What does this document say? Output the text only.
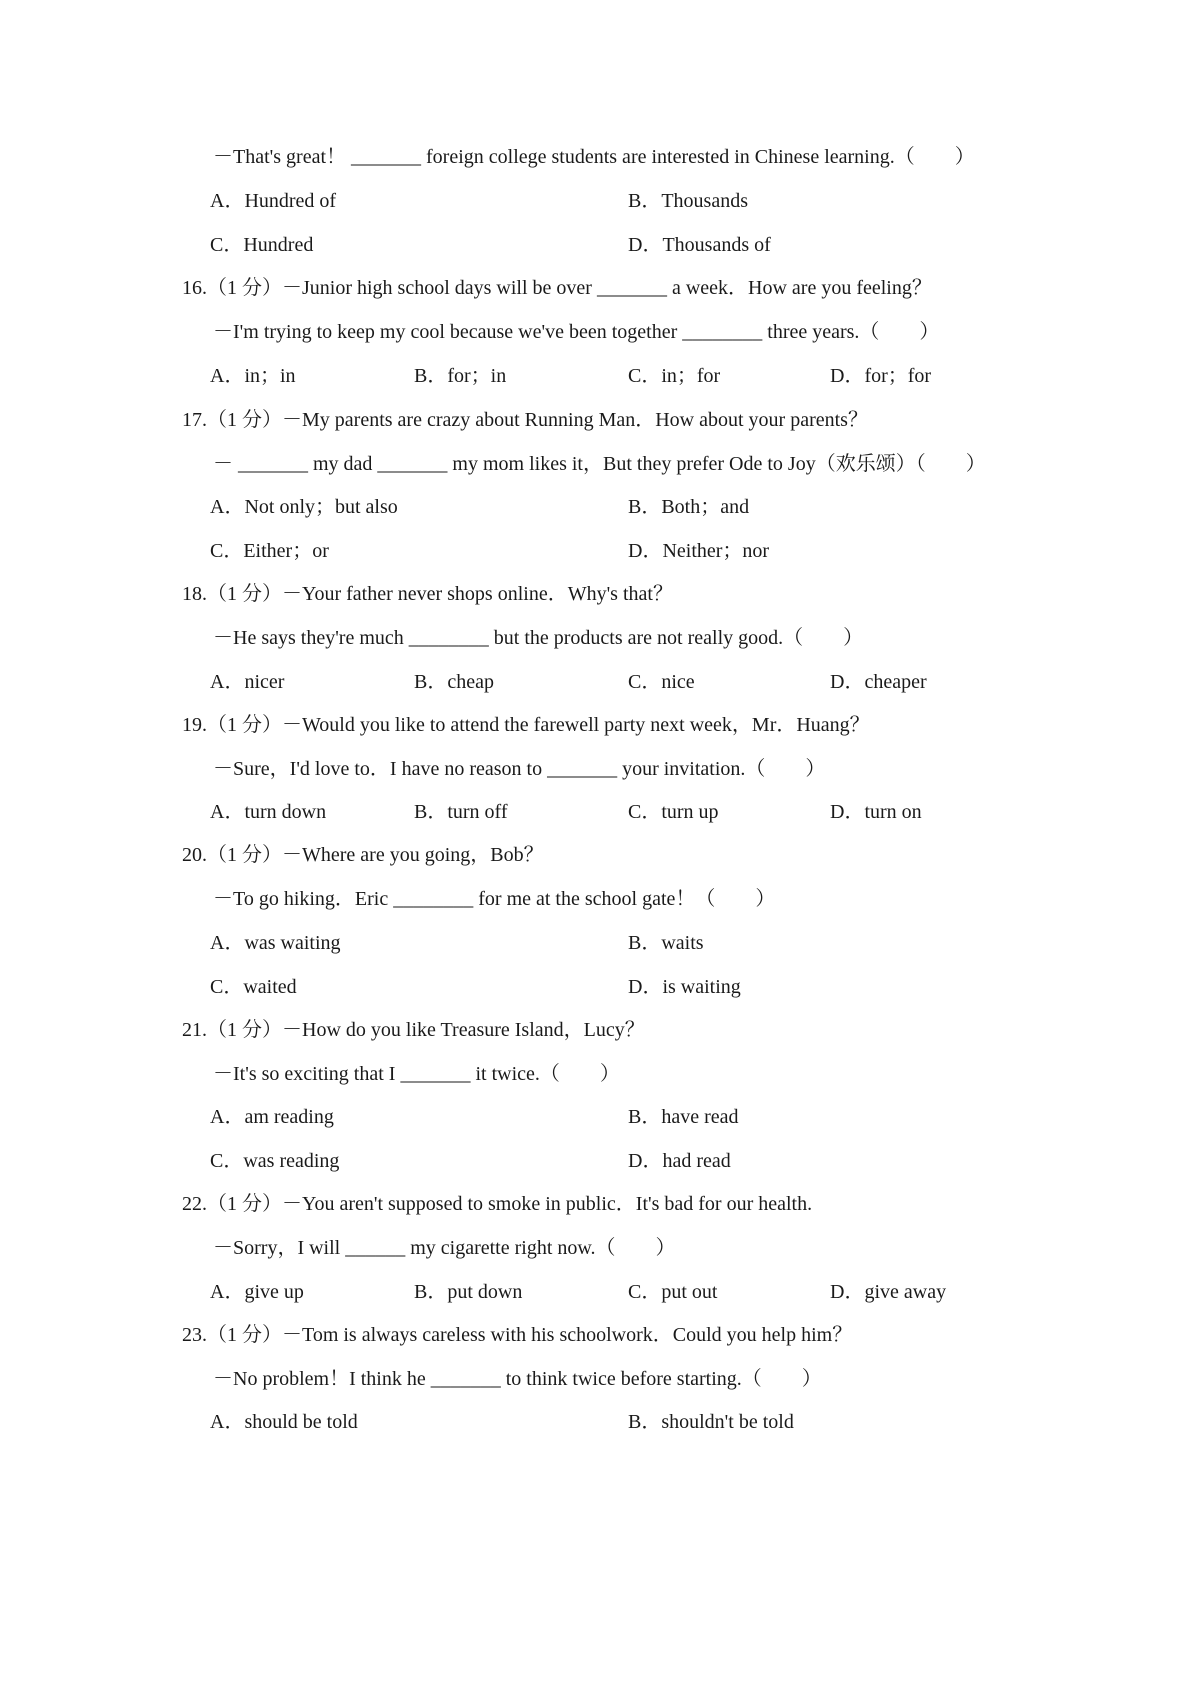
－That's great！ _______ foreign college students are interested in Chinese learning.（　　）
A．Hundred of	B．Thousands
C．Hundred	D．Thousands of
16.（1 分）－Junior high school days will be over _______ a week．How are you feeling？
－I'm trying to keep my cool because we've been together ________ three years.（　　）
A．in；in	B．for；in	C．in；for	D．for；for
17.（1 分）－My parents are crazy about Running Man．How about your parents？
－ _______ my dad _______ my mom likes it，But they prefer Ode to Joy（欢乐颂）（　　）
A．Not only；but also	B．Both；and
C．Either；or	D．Neither；nor
18.（1 分）－Your father never shops online．Why's that？
－He says they're much ________ but the products are not really good.（　　）
A．nicer	B．cheap	C．nice	D．cheaper
19.（1 分）－Would you like to attend the farewell party next week，Mr．Huang？
－Sure，I'd love to．I have no reason to _______ your invitation.（　　）
A．turn down	B．turn off	C．turn up	D．turn on
20.（1 分）－Where are you going，Bob？
－To go hiking．Eric ________ for me at the school gate！（　　）
A．was waiting	B．waits
C．waited	D．is waiting
21.（1 分）－How do you like Treasure Island，Lucy？
－It's so exciting that I _______ it twice.（　　）
A．am reading	B．have read
C．was reading	D．had read
22.（1 分）－You aren't supposed to smoke in public．It's bad for our health.
－Sorry，I will ______ my cigarette right now.（　　）
A．give up	B．put down	C．put out	D．give away
23.（1 分）－Tom is always careless with his schoolwork．Could you help him？
－No problem！I think he _______ to think twice before starting.（　　）
A．should be told	B．shouldn't be told
